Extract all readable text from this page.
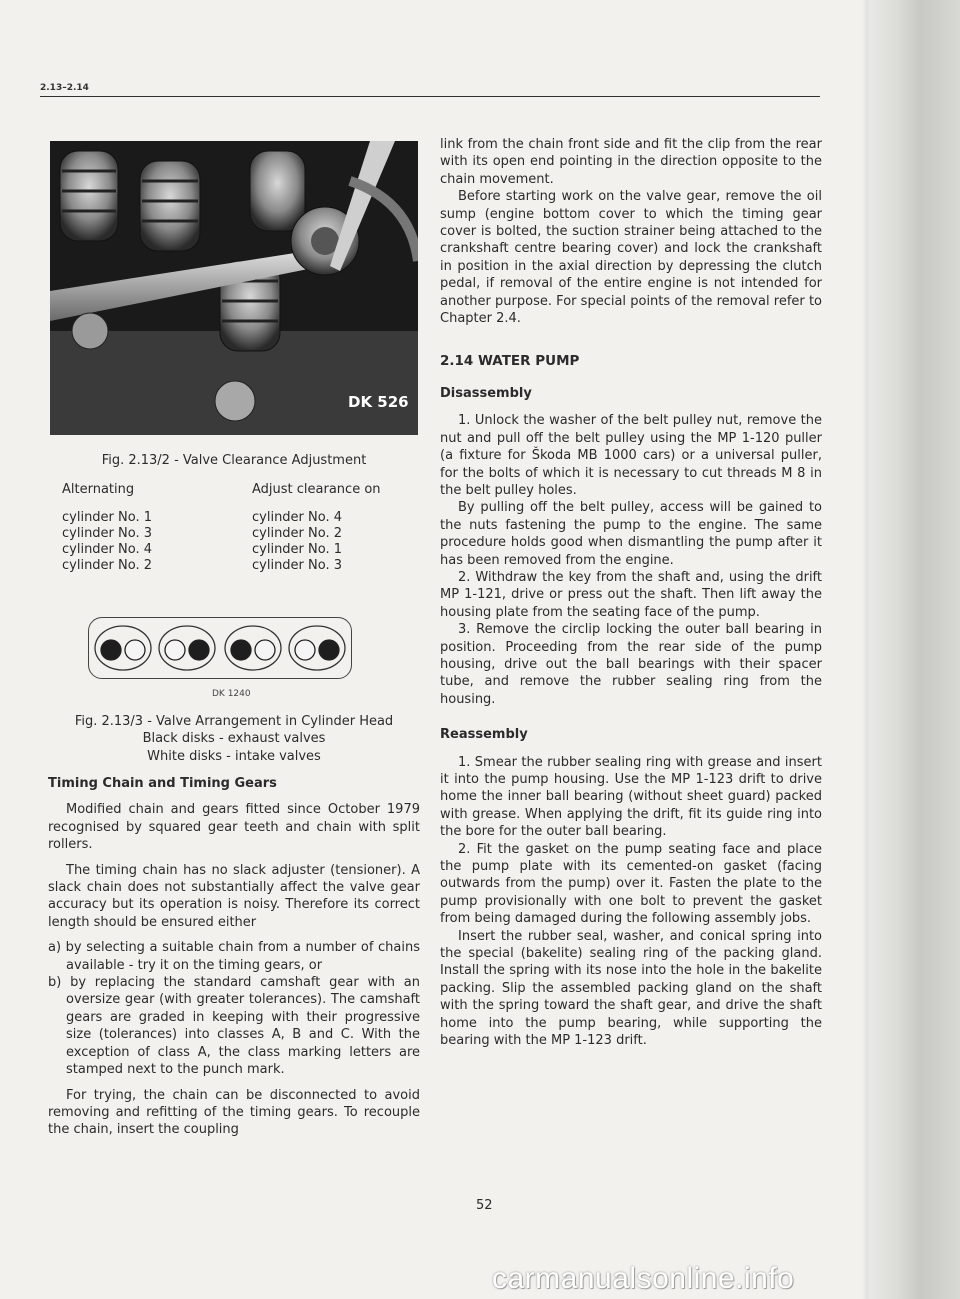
2.13–2.14
DK 526

Fig. 2.13/2 - Valve Clearance Adjustment

Alternating	Adjust clearance on
cylinder No. 1	cylinder No. 4
cylinder No. 3	cylinder No. 2
cylinder No. 4	cylinder No. 1
cylinder No. 2	cylinder No. 3
DK 1240

Fig. 2.13/3 - Valve Arrangement in Cylinder Head

Black disks - exhaust valves

White disks - intake valves

Timing Chain and Timing Gears

Modified chain and gears fitted since October 1979 recognised by squared gear teeth and chain with split rollers.

The timing chain has no slack adjuster (tensioner). A slack chain does not substantially affect the valve gear accuracy but its operation is noisy. Therefore its correct length should be ensured either

a) by selecting a suitable chain from a number of chains available - try it on the timing gears, or

b) by replacing the standard camshaft gear with an oversize gear (with greater tolerances). The camshaft gears are graded in keeping with their progressive size (tolerances) into classes A, B and C. With the exception of class A, the class marking letters are stamped next to the punch mark.

For trying, the chain can be disconnected to avoid removing and refitting of the timing gears. To recouple the chain, insert the coupling

link from the chain front side and fit the clip from the rear with its open end pointing in the direction opposite to the chain movement.

Before starting work on the valve gear, remove the oil sump (engine bottom cover to which the timing gear cover is bolted, the suction strainer being attached to the crankshaft centre bearing cover) and lock the crankshaft in position in the axial direction by depressing the clutch pedal, if removal of the entire engine is not intended for another purpose. For special points of the removal refer to Chapter 2.4.

2.14 WATER PUMP

Disassembly

1. Unlock the washer of the belt pulley nut, remove the nut and pull off the belt pulley using the MP 1-120 puller (a fixture for Škoda MB 1000 cars) or a universal puller, for the bolts of which it is necessary to cut threads M 8 in the belt pulley holes.

By pulling off the belt pulley, access will be gained to the nuts fastening the pump to the engine. The same procedure holds good when dismantling the pump after it has been removed from the engine.

2. Withdraw the key from the shaft and, using the drift MP 1-121, drive or press out the shaft. Then lift away the housing plate from the seating face of the pump.

3. Remove the circlip locking the outer ball bearing in position. Proceeding from the rear side of the pump housing, drive out the ball bearings with their spacer tube, and remove the rubber sealing ring from the housing.

Reassembly

1. Smear the rubber sealing ring with grease and insert it into the pump housing. Use the MP 1-123 drift to drive home the inner ball bearing (without sheet guard) packed with grease. When applying the drift, fit its guide ring into the bore for the outer ball bearing.

2. Fit the gasket on the pump seating face and place the pump plate with its cemented-on gasket (facing outwards from the pump) over it. Fasten the plate to the pump provisionally with one bolt to prevent the gasket from being damaged during the following assembly jobs.

Insert the rubber seal, washer, and conical spring into the special (bakelite) sealing ring of the packing gland. Install the spring with its nose into the hole in the bakelite packing. Slip the assembled packing gland on the shaft with the spring toward the shaft gear, and drive the shaft home into the pump bearing, while supporting the bearing with the MP 1-123 drift.

52
carmanualsonline.info
